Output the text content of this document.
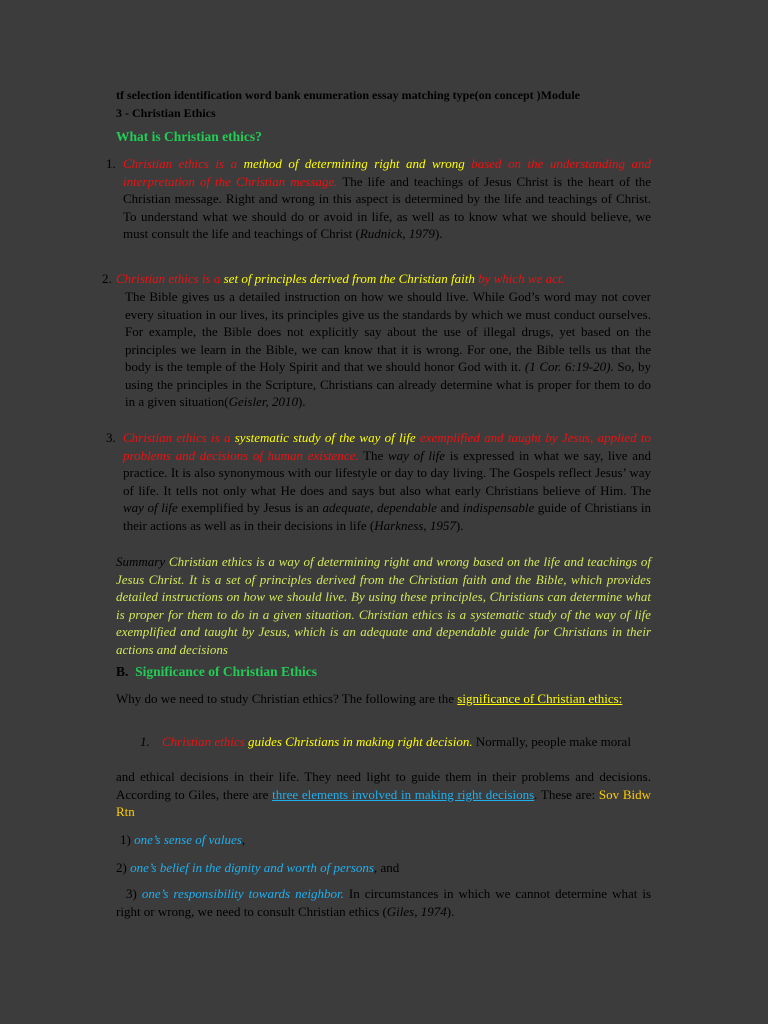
tf selection identification word bank enumeration essay matching type(on concept )Module
3 - Christian Ethics
What is Christian ethics?
1. Christian ethics is a method of determining right and wrong based on the understanding and interpretation of the Christian message. The life and teachings of Jesus Christ is the heart of the Christian message. Right and wrong in this aspect is determined by the life and teachings of Christ. To understand what we should do or avoid in life, as well as to know what we should believe, we must consult the life and teachings of Christ (Rudnick, 1979).
2. Christian ethics is a set of principles derived from the Christian faith by which we act.
The Bible gives us a detailed instruction on how we should live. While God’s word may not cover every situation in our lives, its principles give us the standards by which we must conduct ourselves. For example, the Bible does not explicitly say about the use of illegal drugs, yet based on the principles we learn in the Bible, we can know that it is wrong. For one, the Bible tells us that the body is the temple of the Holy Spirit and that we should honor God with it. (1 Cor. 6:19-20). So, by using the principles in the Scripture, Christians can already determine what is proper for them to do in a given situation(Geisler, 2010).
3. Christian ethics is a systematic study of the way of life exemplified and taught by Jesus, applied to problems and decisions of human existence. The way of life is expressed in what we say, live and practice. It is also synonymous with our lifestyle or day to day living. The Gospels reflect Jesus’ way of life. It tells not only what He does and says but also what early Christians believe of Him. The way of life exemplified by Jesus is an adequate, dependable and indispensable guide of Christians in their actions as well as in their decisions in life (Harkness, 1957).
Summary Christian ethics is a way of determining right and wrong based on the life and teachings of Jesus Christ. It is a set of principles derived from the Christian faith and the Bible, which provides detailed instructions on how we should live. By using these principles, Christians can determine what is proper for them to do in a given situation. Christian ethics is a systematic study of the way of life exemplified and taught by Jesus, which is an adequate and dependable guide for Christians in their actions and decisions
B. Significance of Christian Ethics
Why do we need to study Christian ethics? The following are the significance of Christian ethics:
1. Christian ethics guides Christians in making right decision. Normally, people make moral
and ethical decisions in their life. They need light to guide them in their problems and decisions. According to Giles, there are three elements involved in making right decisions. These are: Sov Bidw Rtn
1) one’s sense of values,
2) one’s belief in the dignity and worth of persons, and
3) one’s responsibility towards neighbor. In circumstances in which we cannot determine what is right or wrong, we need to consult Christian ethics (Giles, 1974).
